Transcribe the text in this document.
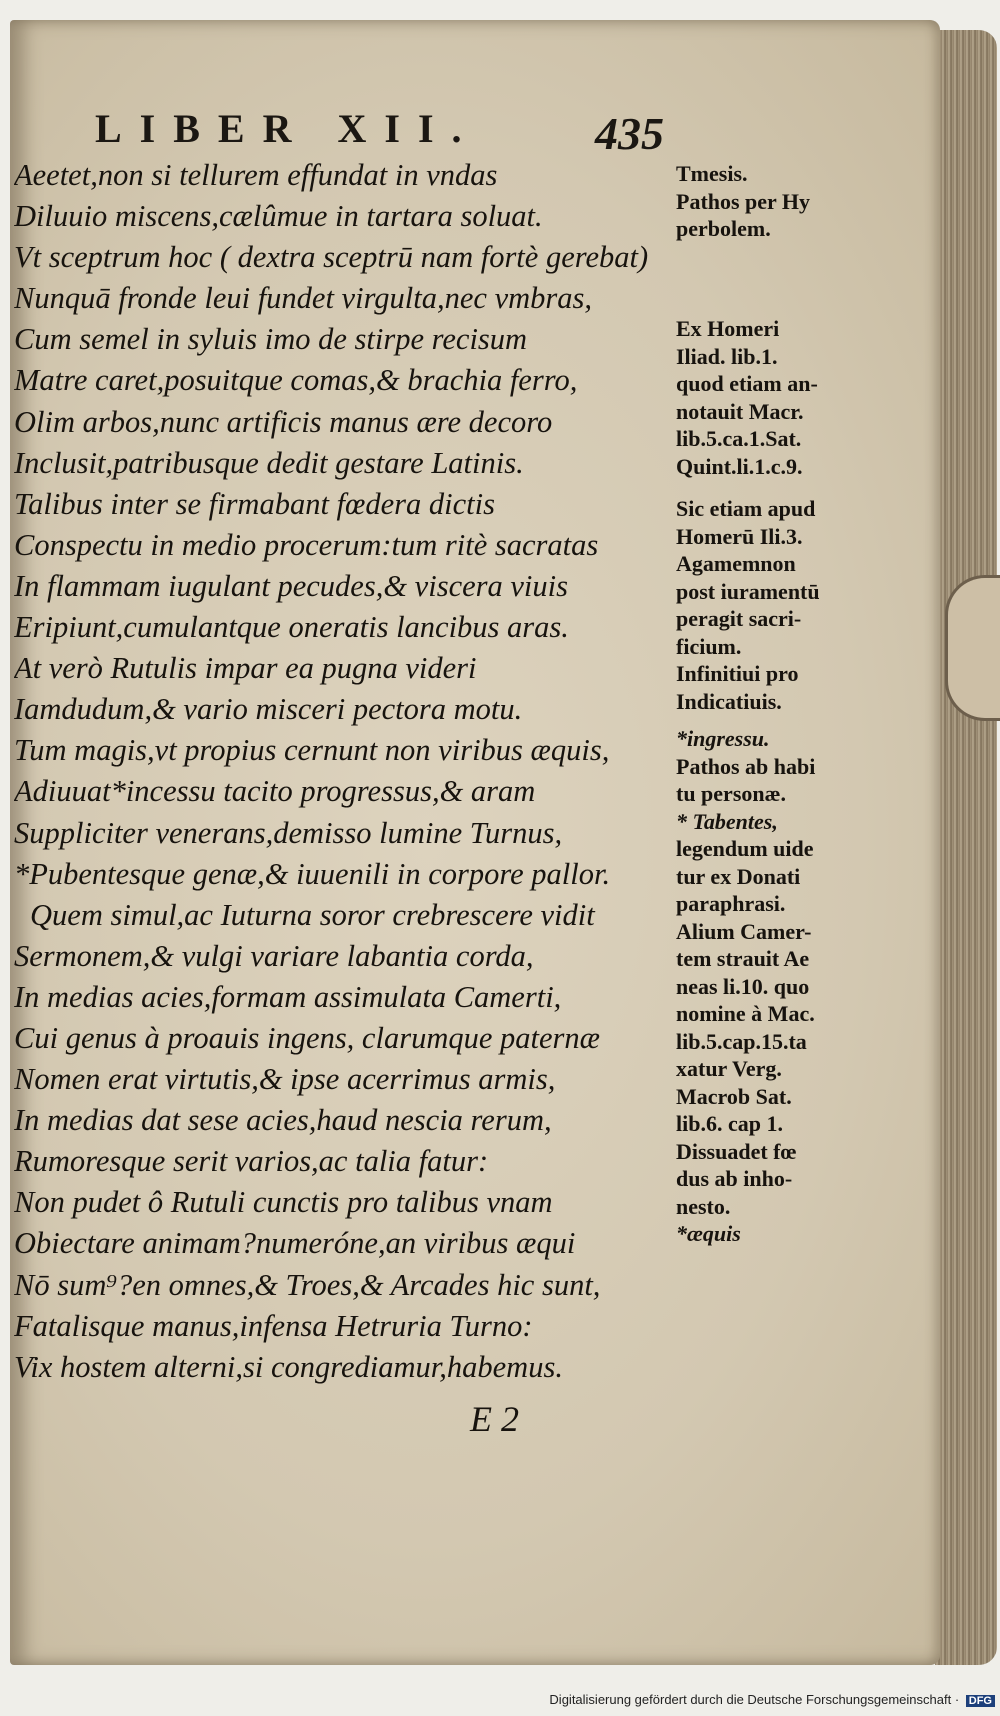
LIBER XII.	435
Aeetet,non si tellurem effundat in vndas
Diluuio miscens,cælûmue in tartara soluat.
Vt sceptrum hoc ( dextra sceptrū nam fortè gerebat)
Nunquā fronde leui fundet virgulta,nec vmbras,
Cum semel in syluis imo de stirpe recisum
Matre caret,posuitque comas,& brachia ferro,
Olim arbos,nunc artificis manus ære decoro
Inclusit,patribusque dedit gestare Latinis.
Talibus inter se firmabant fœdera dictis
Conspectu in medio procerum:tum ritè sacratas
In flammam iugulant pecudes,& viscera viuis
Eripiunt,cumulantque oneratis lancibus aras.
At verò Rutulis impar ea pugna videri
Iamdudum,& vario misceri pectora motu.
Tum magis,vt propius cernunt non viribus æquis,
Adiuuat*incessu tacito progressus,& aram
Suppliciter venerans,demisso lumine Turnus,
*Pubentesque genæ,& iuuenili in corpore pallor.
Quem simul,ac Iuturna soror crebrescere vidit
Sermonem,& vulgi variare labantia corda,
In medias acies,formam assimulata Camerti,
Cui genus à proauis ingens, clarumque paternæ
Nomen erat virtutis,& ipse acerrimus armis,
In medias dat sese acies,haud nescia rerum,
Rumoresque serit varios,ac talia fatur:
Non pudet ô Rutuli cunctis pro talibus vnam
Obiectare animam?numeróne,an viribus æqui
Nō sum⁹?en omnes,& Troes,& Arcades hic sunt,
Fatalisque manus,infensa Hetruria Turno:
Vix hostem alterni,si congrediamur,habemus.
Tmesis.
Pathos per Hy
perbolem.
Ex Homeri
Iliad. lib.1.
quod etiam an-
notauit Macr.
lib.5.ca.1.Sat.
Quint.li.1.c.9.
Sic etiam apud
Homerū Ili.3.
Agamemnon
post iuramentū
peragit sacri-
ficium.
Infinitiui pro
Indicatiuis.
*ingressu.
Pathos ab habi
tu personæ.
* Tabentes,
legendum uide
tur ex Donati
paraphrasi.
Alium Camer-
tem strauit Ae
neas li.10. quo
nomine à Mac.
lib.5.cap.15.ta
xatur Verg.
Macrob Sat.
lib.6. cap 1.
Dissuadet fœ
dus ab inho-
nesto.
*æquis
E 2
Digitalisierung gefördert durch die Deutsche Forschungsgemeinschaft · DFG
